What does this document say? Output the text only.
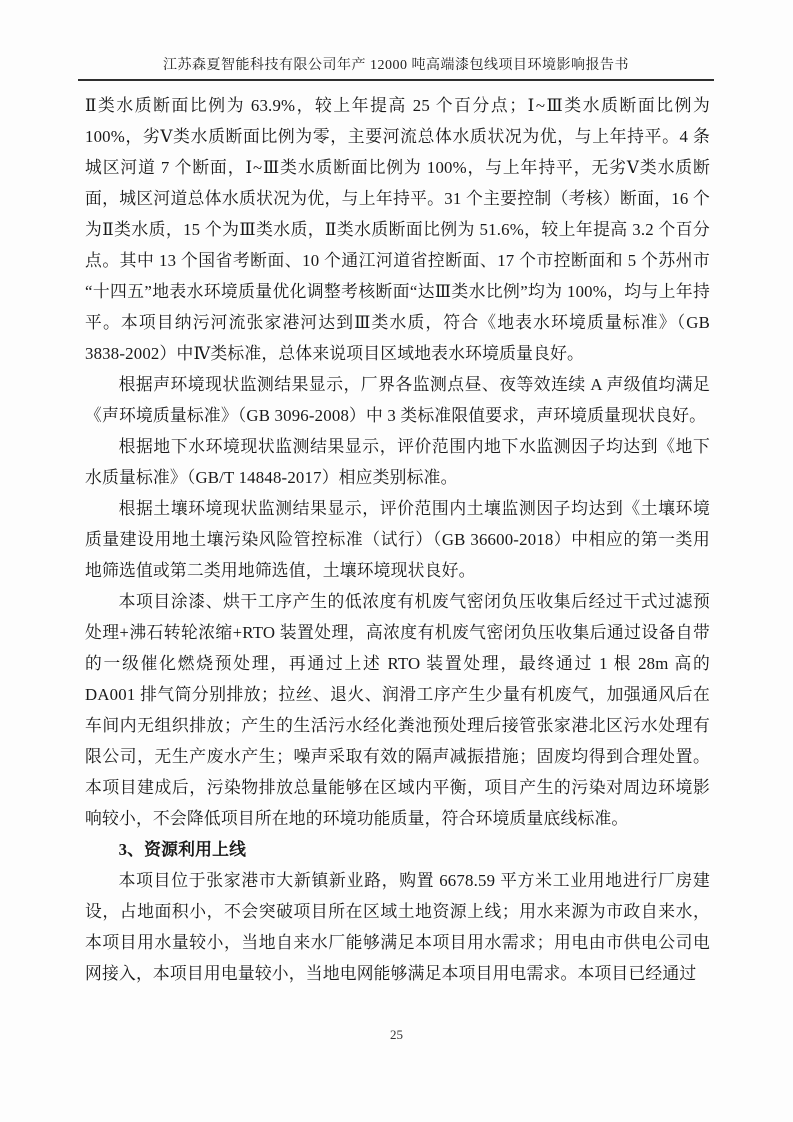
江苏森夏智能科技有限公司年产 12000 吨高端漆包线项目环境影响报告书

Ⅱ类水质断面比例为 63.9%，较上年提高 25 个百分点；Ⅰ~Ⅲ类水质断面比例为 100%，劣Ⅴ类水质断面比例为零，主要河流总体水质状况为优，与上年持平。4 条城区河道 7 个断面，Ⅰ~Ⅲ类水质断面比例为 100%，与上年持平，无劣Ⅴ类水质断面，城区河道总体水质状况为优，与上年持平。31 个主要控制（考核）断面，16 个为Ⅱ类水质，15 个为Ⅲ类水质，Ⅱ类水质断面比例为 51.6%，较上年提高 3.2 个百分点。其中 13 个国省考断面、10 个通江河道省控断面、17 个市控断面和 5 个苏州市“十四五”地表水环境质量优化调整考核断面“达Ⅲ类水比例”均为 100%，均与上年持平。本项目纳污河流张家港河达到Ⅲ类水质，符合《地表水环境质量标准》（GB 3838-2002）中Ⅳ类标准，总体来说项目区域地表水环境质量良好。

根据声环境现状监测结果显示，厂界各监测点昼、夜等效连续 A 声级值均满足《声环境质量标准》（GB 3096-2008）中 3 类标准限值要求，声环境质量现状良好。

根据地下水环境现状监测结果显示，评价范围内地下水监测因子均达到《地下水质量标准》（GB/T 14848-2017）相应类别标准。

根据土壤环境现状监测结果显示，评价范围内土壤监测因子均达到《土壤环境质量建设用地土壤污染风险管控标准（试行）（GB 36600-2018）中相应的第一类用地筛选值或第二类用地筛选值，土壤环境现状良好。

本项目涂漆、烘干工序产生的低浓度有机废气密闭负压收集后经过干式过滤预处理+沸石转轮浓缩+RTO 装置处理，高浓度有机废气密闭负压收集后通过设备自带的一级催化燃烧预处理，再通过上述 RTO 装置处理，最终通过 1 根 28m 高的 DA001 排气筒分别排放；拉丝、退火、润滑工序产生少量有机废气，加强通风后在车间内无组织排放；产生的生活污水经化粪池预处理后接管张家港北区污水处理有限公司，无生产废水产生；噪声采取有效的隔声减振措施；固废均得到合理处置。本项目建成后，污染物排放总量能够在区域内平衡，项目产生的污染对周边环境影响较小，不会降低项目所在地的环境功能质量，符合环境质量底线标准。

3、资源利用上线

本项目位于张家港市大新镇新业路，购置 6678.59 平方米工业用地进行厂房建设，占地面积小，不会突破项目所在区域土地资源上线；用水来源为市政自来水，本项目用水量较小，当地自来水厂能够满足本项目用水需求；用电由市供电公司电网接入，本项目用电量较小，当地电网能够满足本项目用电需求。本项目已经通过

25
